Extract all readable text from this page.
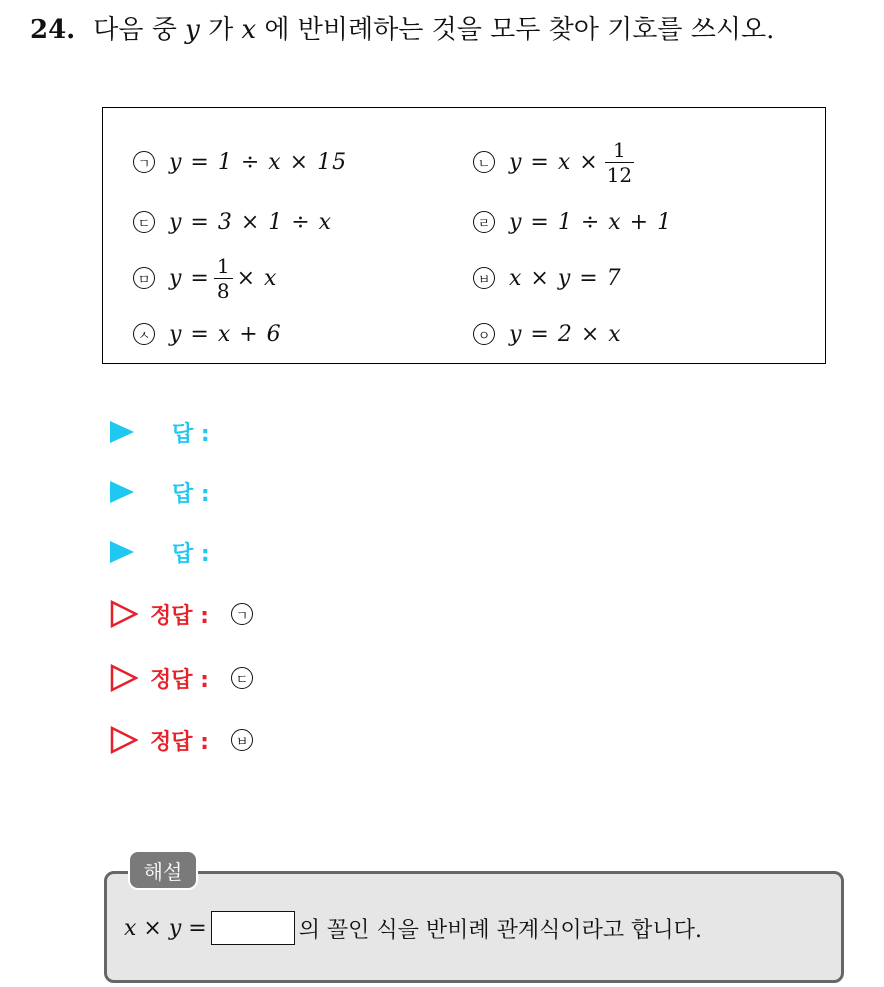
24. 다음 중 y 가 x 에 반비례하는 것을 모두 찾아 기호를 쓰시오.
ㄱ y = 1 ÷ x × 15	ㄴ $y = x \times \frac{1}{12}$
ㄷ y = 3 × 1 ÷ x	ㄹ y = 1 ÷ x + 1
ㅁ $y = \frac{1}{8} \times x$	ㅂ x × y = 7
ㅅ y = x + 6	ㅇ y = 2 × x
답 :
답 :
답 :
정답 :	ㄱ
정답 :	ㄷ
정답 :	ㅂ
해설
x × y =	의 꼴인 식을 반비례 관계식이라고 합니다.
